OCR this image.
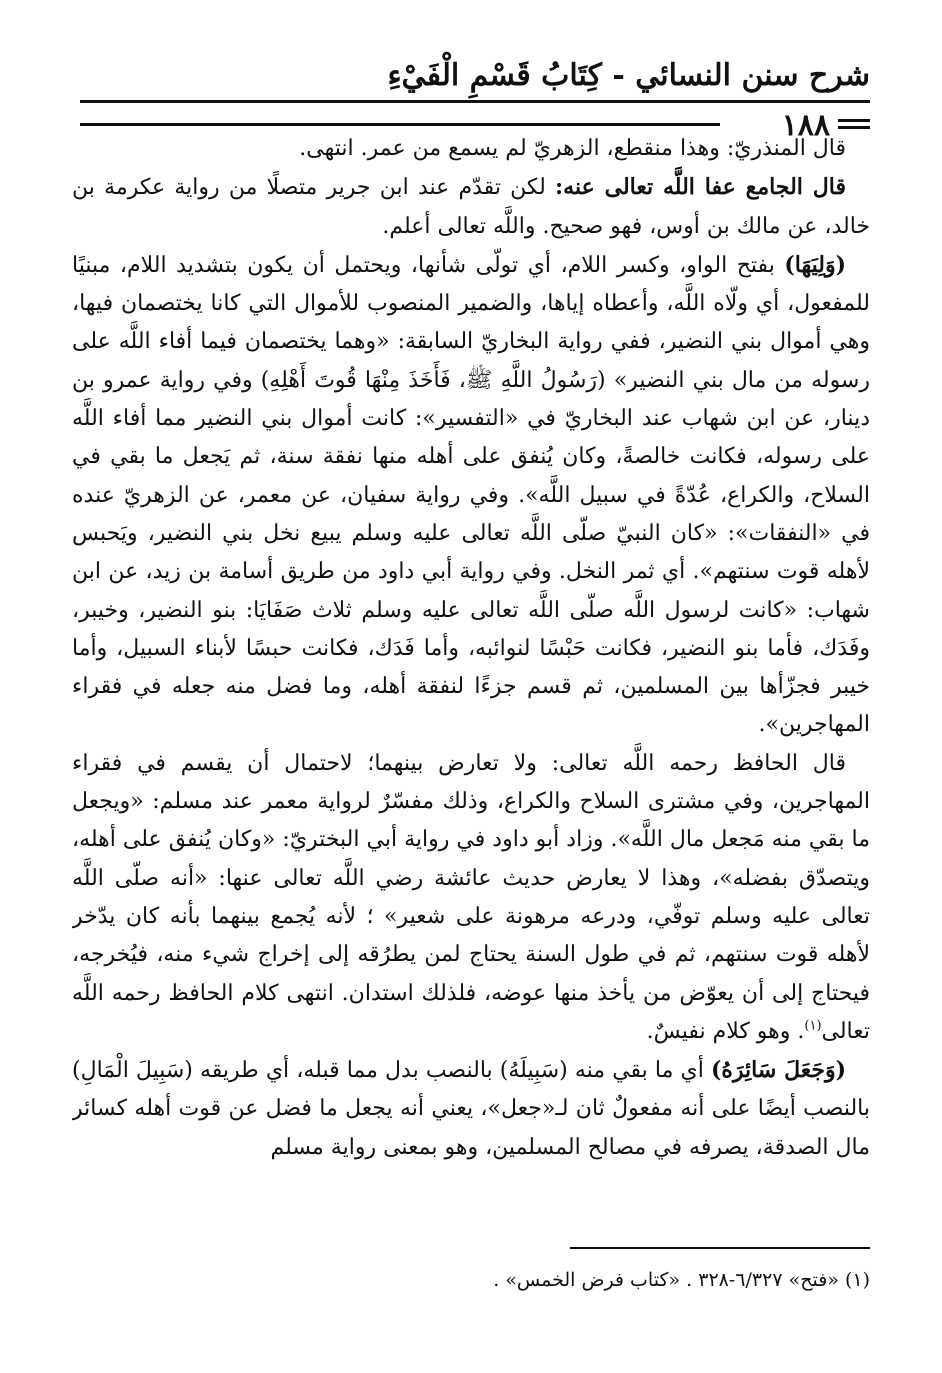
شرح سنن النسائي - كِتَابُ قَسْمِ الْفَيْءِ
١٨٨

قال المنذريّ: وهذا منقطع، الزهريّ لم يسمع من عمر. انتهى.

قال الجامع عفا اللَّه تعالى عنه: لكن تقدّم عند ابن جرير متصلًا من رواية عكرمة بن خالد، عن مالك بن أوس، فهو صحيح. واللَّه تعالى أعلم.

(وَلِيَهَا) بفتح الواو، وكسر اللام، أي تولّى شأنها، ويحتمل أن يكون بتشديد اللام، مبنيًا للمفعول، أي ولّاه اللَّه، وأعطاه إياها، والضمير المنصوب للأموال التي كانا يختصمان فيها، وهي أموال بني النضير، ففي رواية البخاريّ السابقة: «وهما يختصمان فيما أفاء اللَّه على رسوله من مال بني النضير» (رَسُولُ اللَّهِ ﷺ، فَأَخَذَ مِنْهَا قُوتَ أَهْلِهِ) وفي رواية عمرو بن دينار، عن ابن شهاب عند البخاريّ في «التفسير»: كانت أموال بني النضير مما أفاء اللَّه على رسوله، فكانت خالصةً، وكان يُنفق على أهله منها نفقة سنة، ثم يَجعل ما بقي في السلاح، والكراع، عُدّةً في سبيل اللَّه». وفي رواية سفيان، عن معمر، عن الزهريّ عنده في «النفقات»: «كان النبيّ صلّى اللَّه تعالى عليه وسلم يبيع نخل بني النضير، ويَحبس لأهله قوت سنتهم». أي ثمر النخل. وفي رواية أبي داود من طريق أسامة بن زيد، عن ابن شهاب: «كانت لرسول اللَّه صلّى اللَّه تعالى عليه وسلم ثلاث صَفَايَا: بنو النضير، وخيبر، وفَدَك، فأما بنو النضير، فكانت حَبْسًا لنوائبه، وأما فَدَك، فكانت حبسًا لأبناء السبيل، وأما خيبر فجزّأها بين المسلمين، ثم قسم جزءًا لنفقة أهله، وما فضل منه جعله في فقراء المهاجرين».

قال الحافظ رحمه اللَّه تعالى: ولا تعارض بينهما؛ لاحتمال أن يقسم في فقراء المهاجرين، وفي مشترى السلاح والكراع، وذلك مفسّرٌ لرواية معمر عند مسلم: «ويجعل ما بقي منه مَجعل مال اللَّه». وزاد أبو داود في رواية أبي البختريّ: «وكان يُنفق على أهله، ويتصدّق بفضله»، وهذا لا يعارض حديث عائشة رضي اللَّه تعالى عنها: «أنه صلّى اللَّه تعالى عليه وسلم توفّي، ودرعه مرهونة على شعير» ؛ لأنه يُجمع بينهما بأنه كان يدّخر لأهله قوت سنتهم، ثم في طول السنة يحتاج لمن يطرُقه إلى إخراج شيء منه، فيُخرجه، فيحتاج إلى أن يعوّض من يأخذ منها عوضه، فلذلك استدان. انتهى كلام الحافظ رحمه اللَّه تعالى$^{(١)}$. وهو كلام نفيسٌ.

(وَجَعَلَ سَائِرَهُ) أي ما بقي منه (سَبِيلَهُ) بالنصب بدل مما قبله، أي طريقه (سَبِيلَ الْمَالِ) بالنصب أيضًا على أنه مفعولٌ ثان لـ«جعل»، يعني أنه يجعل ما فضل عن قوت أهله كسائر مال الصدقة، يصرفه في مصالح المسلمين، وهو بمعنى رواية مسلم

(١) «فتح» ٦/٣٢٧-٣٢٨ . «كتاب فرض الخمس» .
